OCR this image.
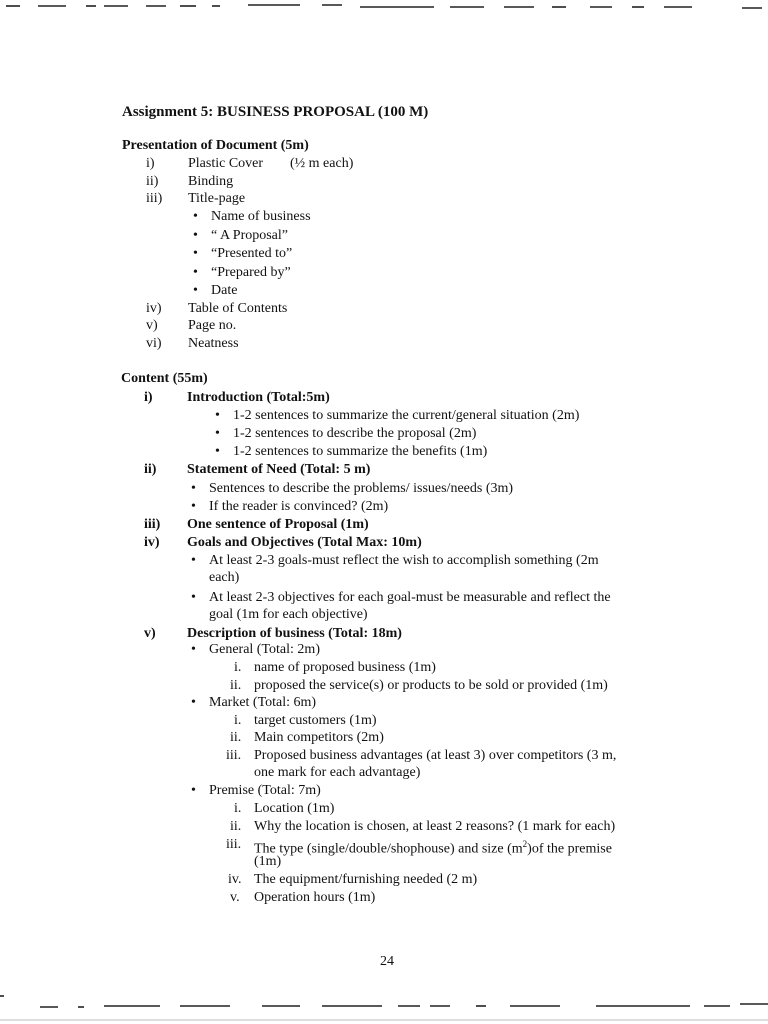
Assignment 5: BUSINESS PROPOSAL (100 M)
Presentation of Document (5m)
i) Plastic Cover (½ m each)
ii) Binding
iii) Title-page
• Name of business
• “ A Proposal”
• “Presented to”
• “Prepared by”
• Date
iv) Table of Contents
v) Page no.
vi) Neatness
Content (55m)
i) Introduction (Total:5m)
• 1-2 sentences to summarize the current/general situation (2m)
• 1-2 sentences to describe the proposal (2m)
• 1-2 sentences to summarize the benefits (1m)
ii) Statement of Need (Total: 5 m)
• Sentences to describe the problems/ issues/needs (3m)
• If the reader is convinced? (2m)
iii) One sentence of Proposal (1m)
iv) Goals and Objectives (Total Max: 10m)
• At least 2-3 goals-must reflect the wish to accomplish something (2m
each)
• At least 2-3 objectives for each goal-must be measurable and reflect the
goal (1m for each objective)
v) Description of business (Total: 18m)
• General (Total: 2m)
i. name of proposed business (1m)
ii. proposed the service(s) or products to be sold or provided (1m)
• Market (Total: 6m)
i. target customers (1m)
ii. Main competitors (2m)
iii. Proposed business advantages (at least 3) over competitors (3 m,
one mark for each advantage)
• Premise (Total: 7m)
i. Location (1m)
ii. Why the location is chosen, at least 2 reasons? (1 mark for each)
iii. The type (single/double/shophouse) and size $(m^2)of$ the premise
(1m)
iv. The equipment/furnishing needed (2 m)
v. Operation hours (1m)
24
